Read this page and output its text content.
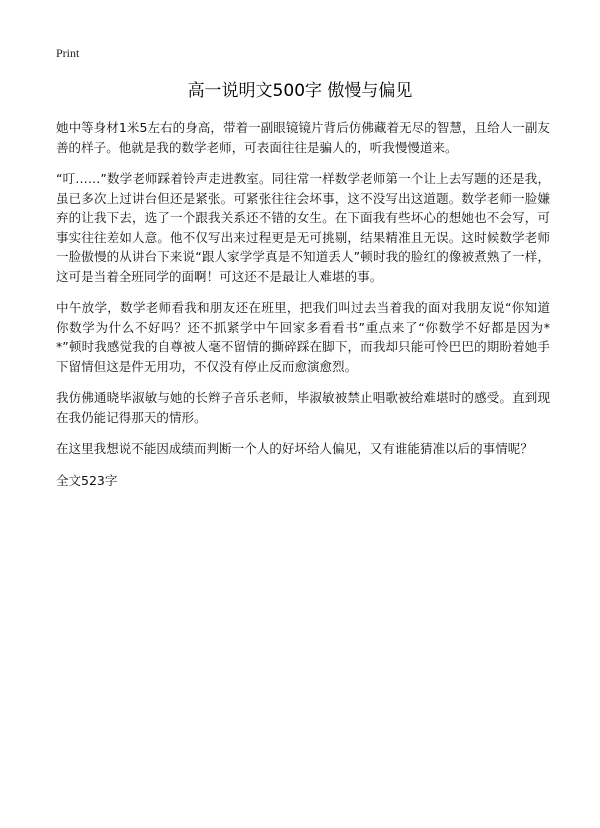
Print
高一说明文500字 傲慢与偏见

她中等身材1米5左右的身高，带着一副眼镜镜片背后仿佛藏着无尽的智慧，且给人一副友善的样子。他就是我的数学老师，可表面往往是骗人的，听我慢慢道来。

“叮……”数学老师踩着铃声走进教室。同往常一样数学老师第一个让上去写题的还是我，虽已多次上过讲台但还是紧张。可紧张往往会坏事，这不没写出这道题。数学老师一脸嫌弃的让我下去，选了一个跟我关系还不错的女生。在下面我有些坏心的想她也不会写，可事实往往差如人意。他不仅写出来过程更是无可挑剔，结果精准且无误。这时候数学老师一脸傲慢的从讲台下来说“跟人家学学真是不知道丢人”顿时我的脸红的像被煮熟了一样，这可是当着全班同学的面啊！可这还不是最让人难堪的事。

中午放学，数学老师看我和朋友还在班里，把我们叫过去当着我的面对我朋友说“你知道你数学为什么不好吗？还不抓紧学中午回家多看看书”重点来了“你数学不好都是因为**”顿时我感觉我的自尊被人毫不留情的撕碎踩在脚下，而我却只能可怜巴巴的期盼着她手下留情但这是件无用功，不仅没有停止反而愈演愈烈。

我仿佛通晓毕淑敏与她的长辫子音乐老师，毕淑敏被禁止唱歌被给难堪时的感受。直到现在我仍能记得那天的情形。

在这里我想说不能因成绩而判断一个人的好坏给人偏见，又有谁能猜准以后的事情呢？

全文523字
